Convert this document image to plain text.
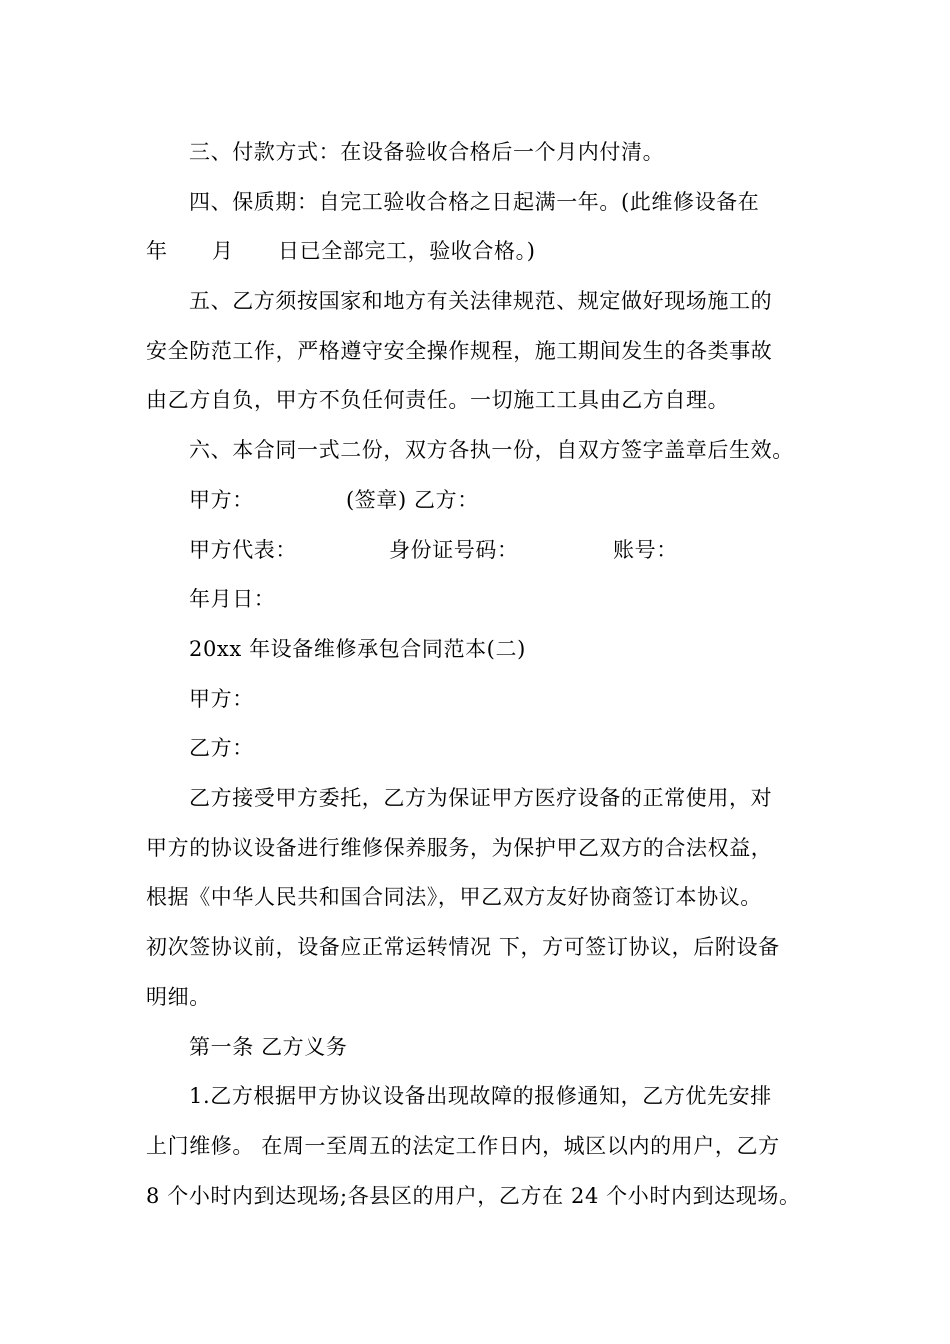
三、付款方式：在设备验收合格后一个月内付清。
四、保质期：自完工验收合格之日起满一年。(此维修设备在
年 月 日已全部完工，验收合格。)
五、乙方须按国家和地方有关法律规范、规定做好现场施工的
安全防范工作，严格遵守安全操作规程，施工期间发生的各类事故
由乙方自负，甲方不负任何责任。一切施工工具由乙方自理。
六、本合同一式二份，双方各执一份，自双方签字盖章后生效。
甲方：	(签章) 乙方：
甲方代表：	身份证号码：	账号：
年月日：
20xx 年设备维修承包合同范本(二)
甲方：
乙方：
乙方接受甲方委托，乙方为保证甲方医疗设备的正常使用，对
甲方的协议设备进行维修保养服务，为保护甲乙双方的合法权益，
根据《中华人民共和国合同法》，甲乙双方友好协商签订本协议。
初次签协议前，设备应正常运转情况 下，方可签订协议，后附设备
明细。
第一条 乙方义务
1.乙方根据甲方协议设备出现故障的报修通知，乙方优先安排
上门维修。 在周一至周五的法定工作日内，城区以内的用户，乙方
8 个小时内到达现场;各县区的用户，乙方在 24 个小时内到达现场。
